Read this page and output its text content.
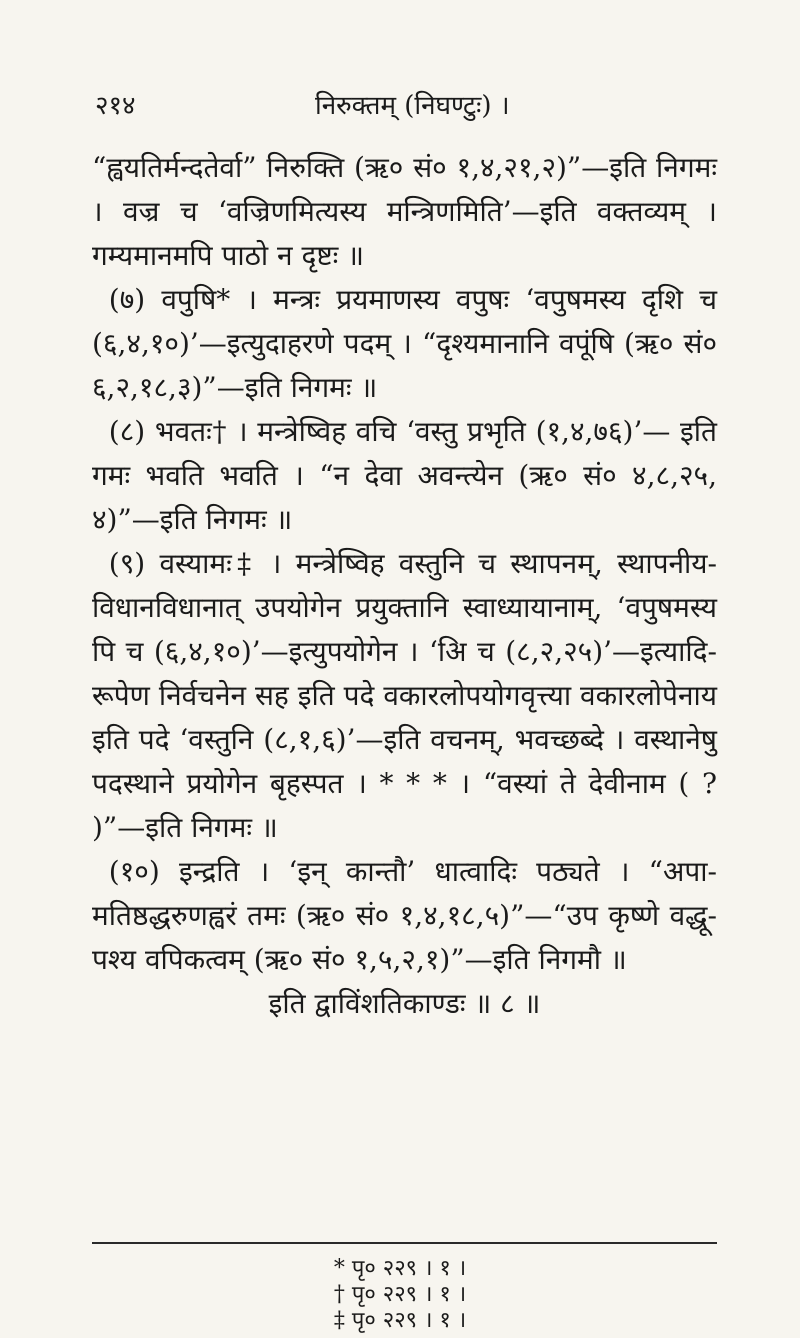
२१४	निरुक्तम् (निघण्टुः) ।

“ह्वयतिर्मन्दतेर्वा” निरुक्ति (ऋ० सं० १,४,२१,२)”—इति निगमः । वज्र च ‘वज्रिणमित्यस्य मन्त्रिणमिति’—इति वक्तव्यम् । गम्यमानमपि पाठो न दृष्टः ॥

(७) वपुषि* । मन्त्रः प्रयमाणस्य वपुषः ‘वपुषमस्य दृशि च (६,४,१०)’—इत्युदाहरणे पदम् । “दृश्यमानानि वपूंषि (ऋ० सं० ६,२,१८,३)”—इति निगमः ॥

(८) भवतः† । मन्त्रेष्विह वचि ‘वस्तु प्रभृति (१,४,७६)’— इति गमः भवति भवति । “न देवा अवन्त्येन (ऋ० सं० ४,८,२५, ४)”—इति निगमः ॥

(९) वस्यामः‡ । मन्त्रेष्विह वस्तुनि च स्थापनम्, स्थापनीय-विधानविधानात् उपयोगेन प्रयुक्तानि स्वाध्यायानाम्, ‘वपुषमस्य पि च (६,४,१०)’—इत्युपयोगेन । ‘अि च (८,२,२५)’—इत्यादि-रूपेण निर्वचनेन सह इति पदे वकारलोपयोगवृत्त्या वकारलोपेनाय इति पदे ‘वस्तुनि (८,१,६)’—इति वचनम्, भवच्छब्दे । वस्थानेषु पदस्थाने प्रयोगेन बृहस्पत । * * * । “वस्यां ते देवीनाम ( ? )”—इति निगमः ॥

(१०) इन्द्रति । ‘इन् कान्तौ’ धात्वादिः पठ्यते । “अपा-मतिष्ठद्धरुणह्वरं तमः (ऋ० सं० १,४,१८,५)”—“उप कृष्णे वद्धू-पश्य वपिकत्वम् (ऋ० सं० १,५,२,१)”—इति निगमौ ॥

इति द्वाविंशतिकाण्डः ॥ ८ ॥

* पृ० २२९ । १ ।

† पृ० २२९ । १ ।

‡ पृ० २२९ । १ ।
